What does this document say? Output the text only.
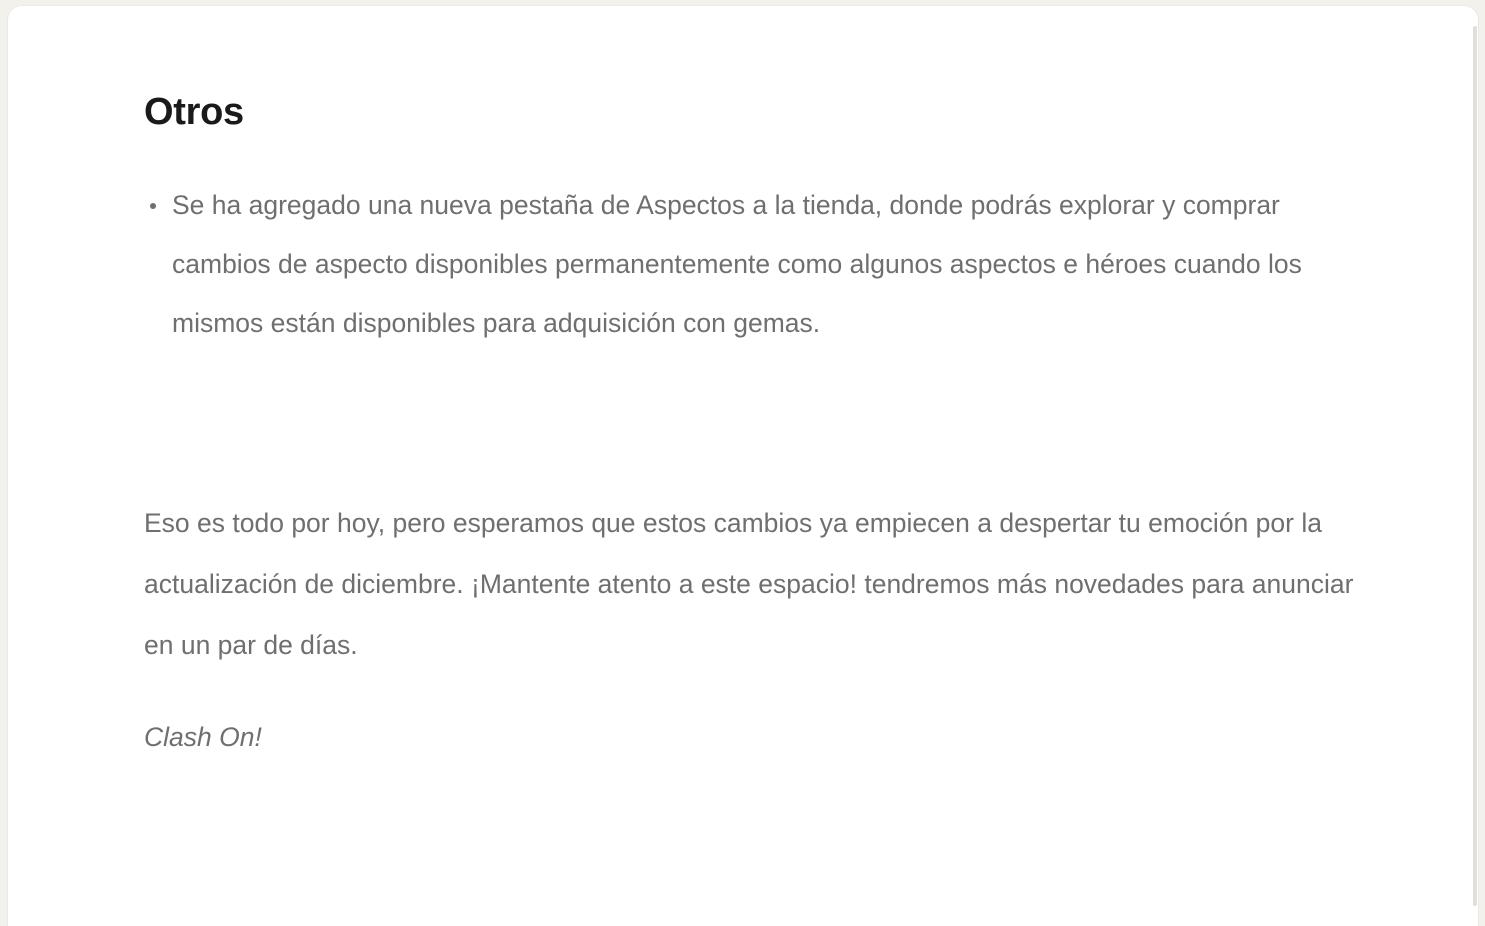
Otros
Se ha agregado una nueva pestaña de Aspectos a la tienda, donde podrás explorar y comprar cambios de aspecto disponibles permanentemente como algunos aspectos e héroes cuando los mismos están disponibles para adquisición con gemas.

Eso es todo por hoy, pero esperamos que estos cambios ya empiecen a despertar tu emoción por la actualización de diciembre. ¡Mantente atento a este espacio! tendremos más novedades para anunciar en un par de días.

Clash On!
